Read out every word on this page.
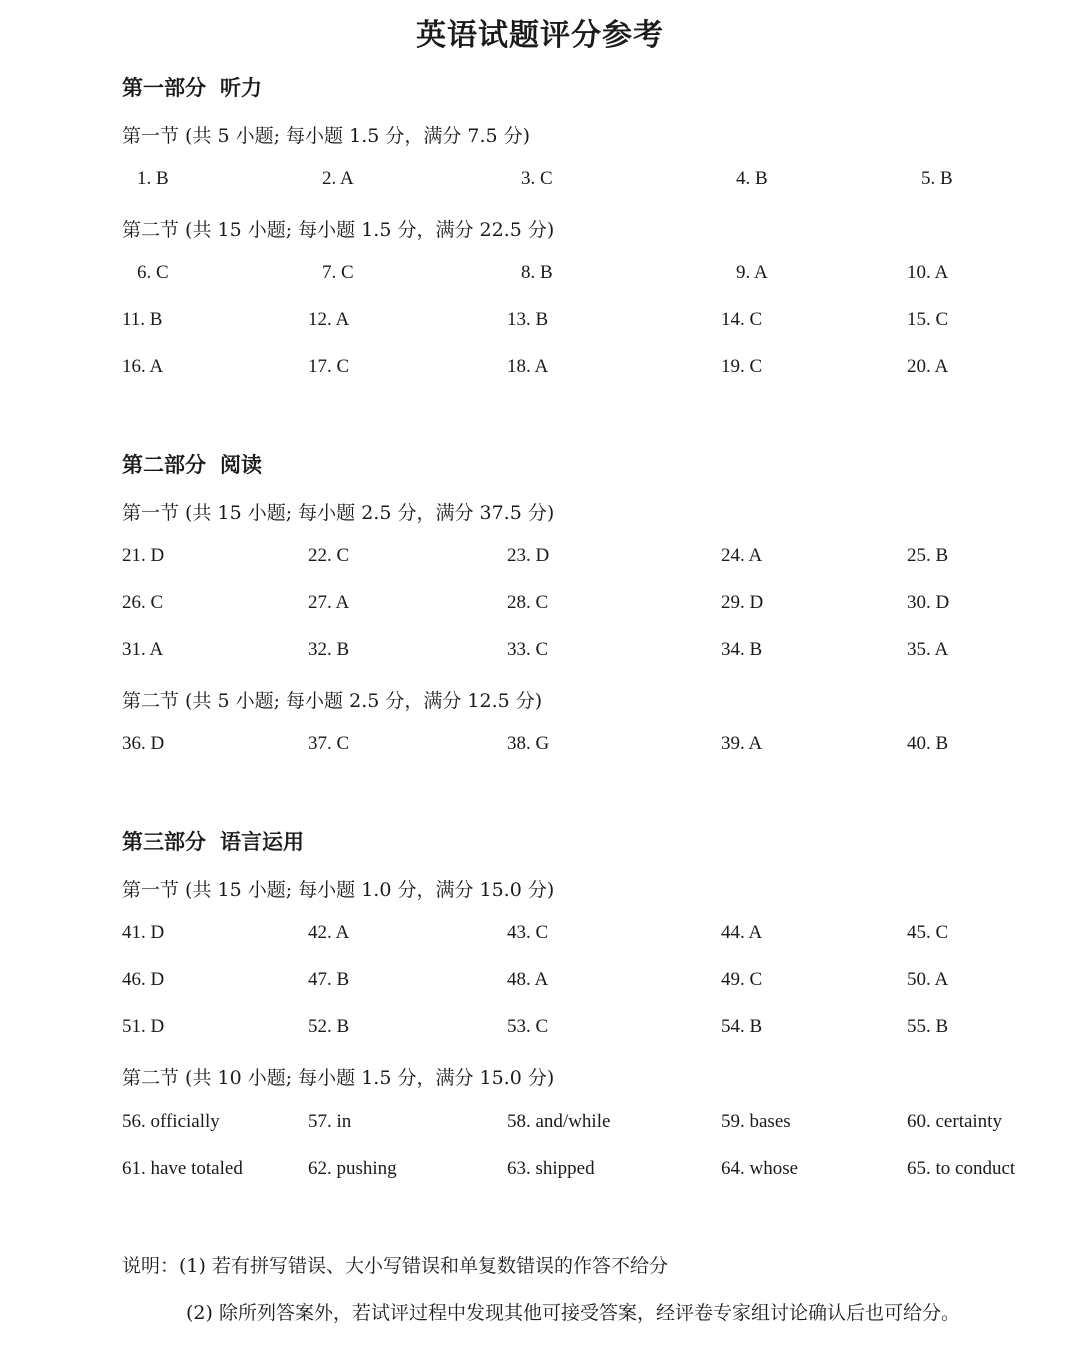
英语试题评分参考
第一部分 听力
第一节 (共 5 小题; 每小题 1.5 分，满分 7.5 分)
1. B	2. A	3. C	4. B	5. B
第二节 (共 15 小题; 每小题 1.5 分，满分 22.5 分)
6. C	7. C	8. B	9. A	10. A
11. B	12. A	13. B	14. C	15. C
16. A	17. C	18. A	19. C	20. A
第二部分 阅读
第一节 (共 15 小题; 每小题 2.5 分，满分 37.5 分)
21. D	22. C	23. D	24. A	25. B
26. C	27. A	28. C	29. D	30. D
31. A	32. B	33. C	34. B	35. A
第二节 (共 5 小题; 每小题 2.5 分，满分 12.5 分)
36. D	37. C	38. G	39. A	40. B
第三部分 语言运用
第一节 (共 15 小题; 每小题 1.0 分，满分 15.0 分)
41. D	42. A	43. C	44. A	45. C
46. D	47. B	48. A	49. C	50. A
51. D	52. B	53. C	54. B	55. B
第二节 (共 10 小题; 每小题 1.5 分，满分 15.0 分)
56. officially	57. in	58. and/while	59. bases	60. certainty
61. have totaled	62. pushing	63. shipped	64. whose	65. to conduct
说明：(1) 若有拼写错误、大小写错误和单复数错误的作答不给分
(2) 除所列答案外，若试评过程中发现其他可接受答案，经评卷专家组讨论确认后也可给分。
